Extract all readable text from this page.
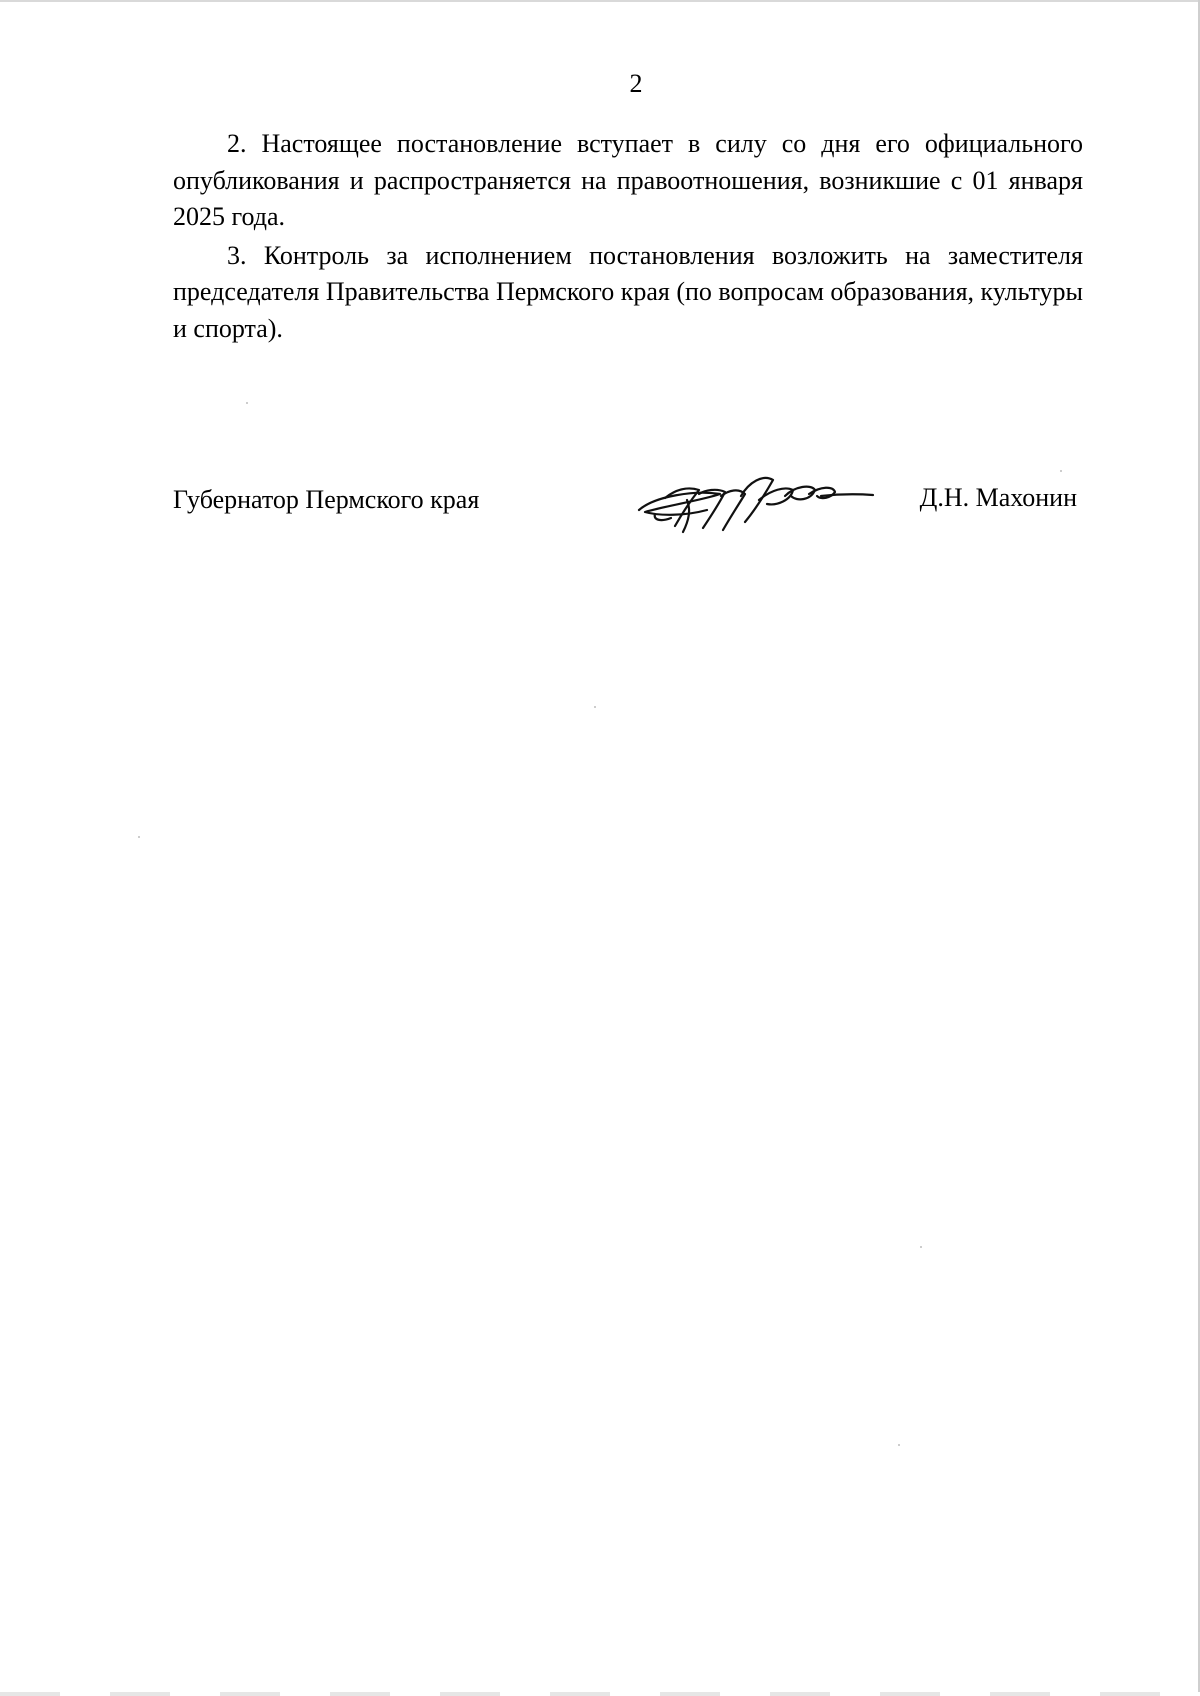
2

2. Настоящее постановление вступает в силу со дня его официального опубликования и распространяется на правоотношения, возникшие с 01 января 2025 года.

3. Контроль за исполнением постановления возложить на заместителя председателя Правительства Пермского края (по вопросам образования, культуры и спорта).

Губернатор Пермского края	Д.Н. Махонин
